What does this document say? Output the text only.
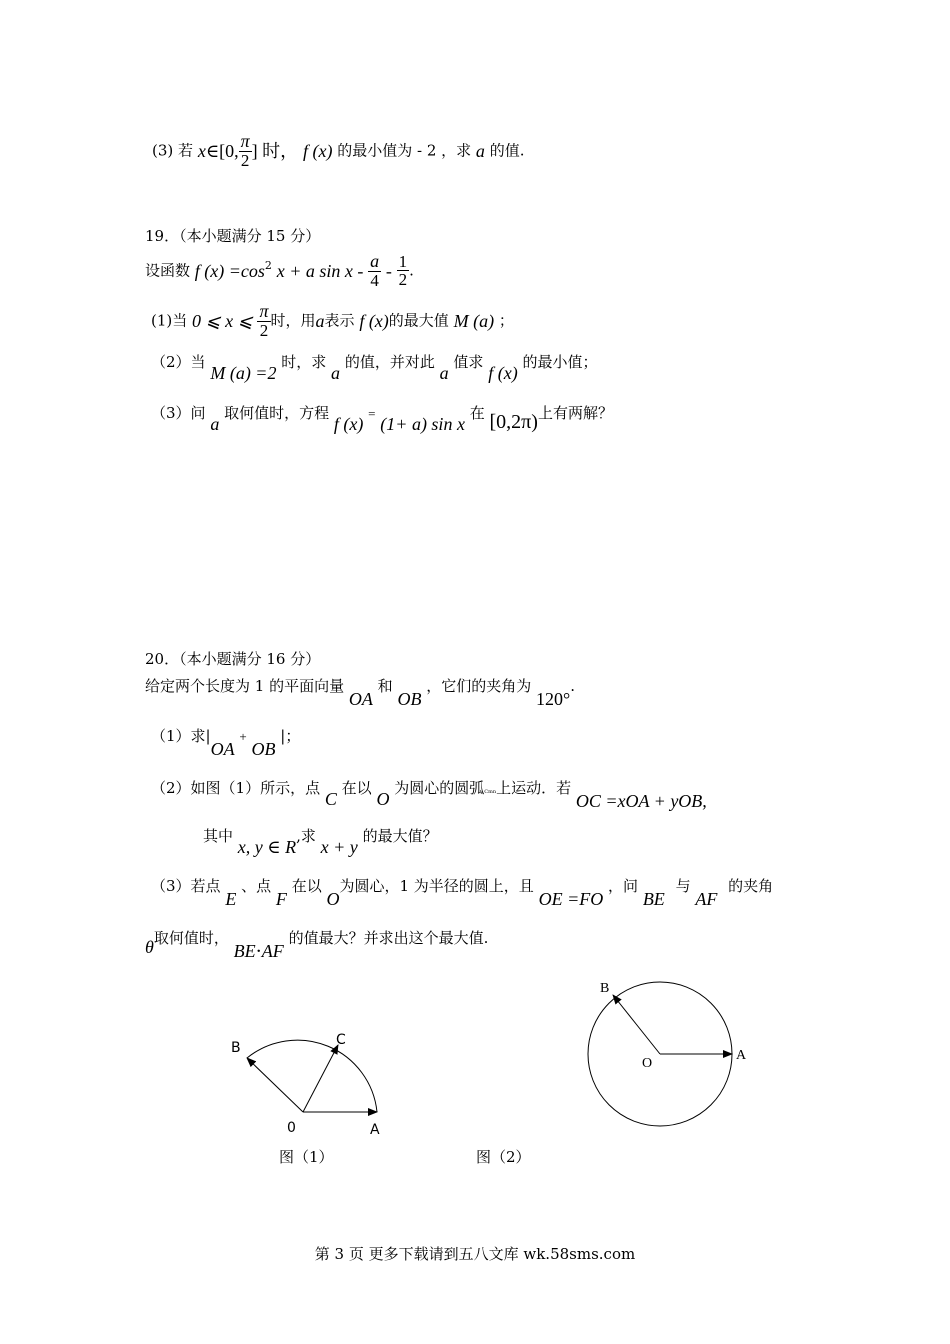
(3) 若 x∈[0, $\frac{\pi}{2}$ ] 时， f (x) 的最小值为 - 2 ，求 a 的值.
19．（本小题满分 15 分）
设函数 f $(x) =\cos^2$ x + a sin x - $\frac{a}{4} - \frac{1}{2}$ .
(1)当 0 ⩽ x ⩽ $\frac{\pi}{2}$ 时，用a表示 f (x)的最大值 M (a) ；
（2）当 M (a) =2 时，求 a 的值，并对此 a 值求 f (x) 的最小值；
（3）问 a 取何值时，方程 f (x) = (1+ a) sin x 在 [0,2π)上有两解？
20．（本小题满分 16 分）
给定两个长度为 1 的平面向量 OA 和 OB ，它们的夹角为 120°.
（1）求|OA + OB |；
（2）如图（1）所示，点 C 在以 O 为圆心的圆弧Cmn上运动．若 OC =xOA + yOB,
其中 x, y ∈ R,求 x + y 的最大值？
（3）若点 E 、点 F 在以 O为圆心，1 为半径的圆上，且 OE =FO ，问 BE 与 AF 的夹角
θ取何值时， BE⋅AF 的值最大？并求出这个最大值.
B	C
0	A
图（1）
B
O
A
图（2）
第 3 页 更多下载请到五八文库 wk.58sms.com
